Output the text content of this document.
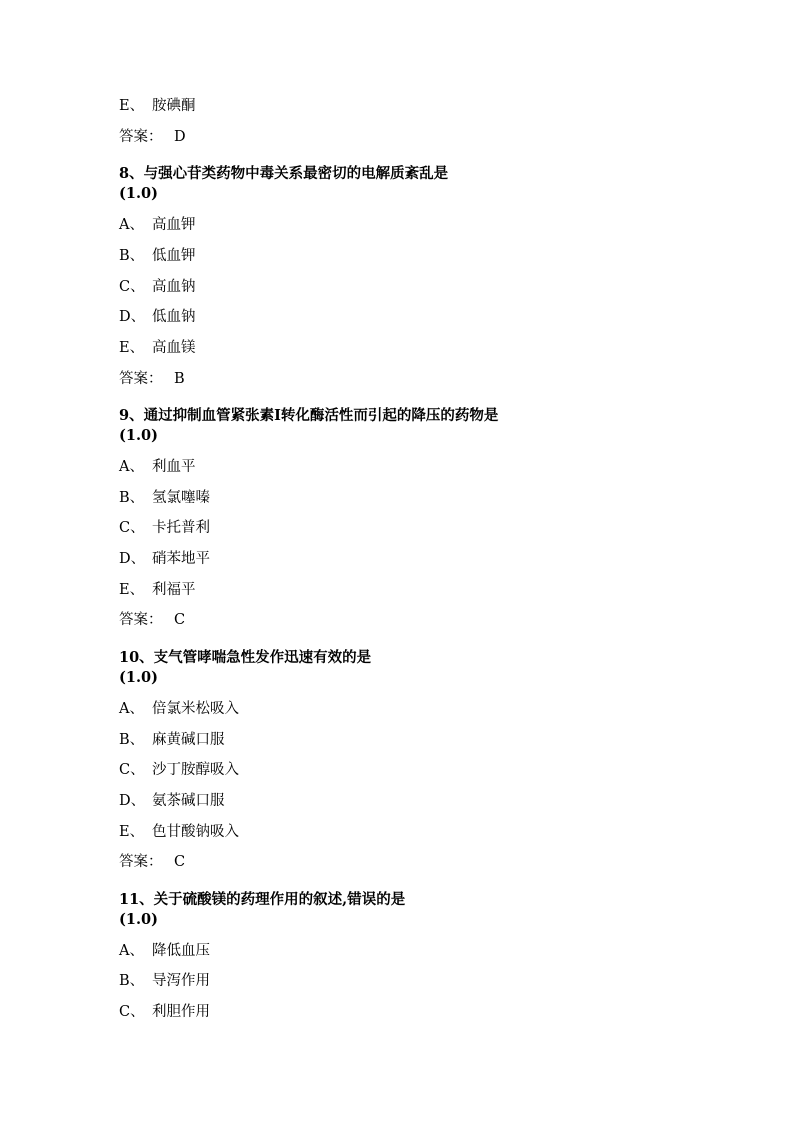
E、 胺碘酮
答案： D
8、与强心苷类药物中毒关系最密切的电解质紊乱是
(1.0)
A、 高血钾
B、 低血钾
C、 高血钠
D、 低血钠
E、 高血镁
答案： B
9、通过抑制血管紧张素Ⅰ转化酶活性而引起的降压的药物是
(1.0)
A、 利血平
B、 氢氯噻嗪
C、 卡托普利
D、 硝苯地平
E、 利福平
答案： C
10、支气管哮喘急性发作迅速有效的是
(1.0)
A、 倍氯米松吸入
B、 麻黄碱口服
C、 沙丁胺醇吸入
D、 氨茶碱口服
E、 色甘酸钠吸入
答案： C
11、关于硫酸镁的药理作用的叙述,错误的是
(1.0)
A、 降低血压
B、 导泻作用
C、 利胆作用
